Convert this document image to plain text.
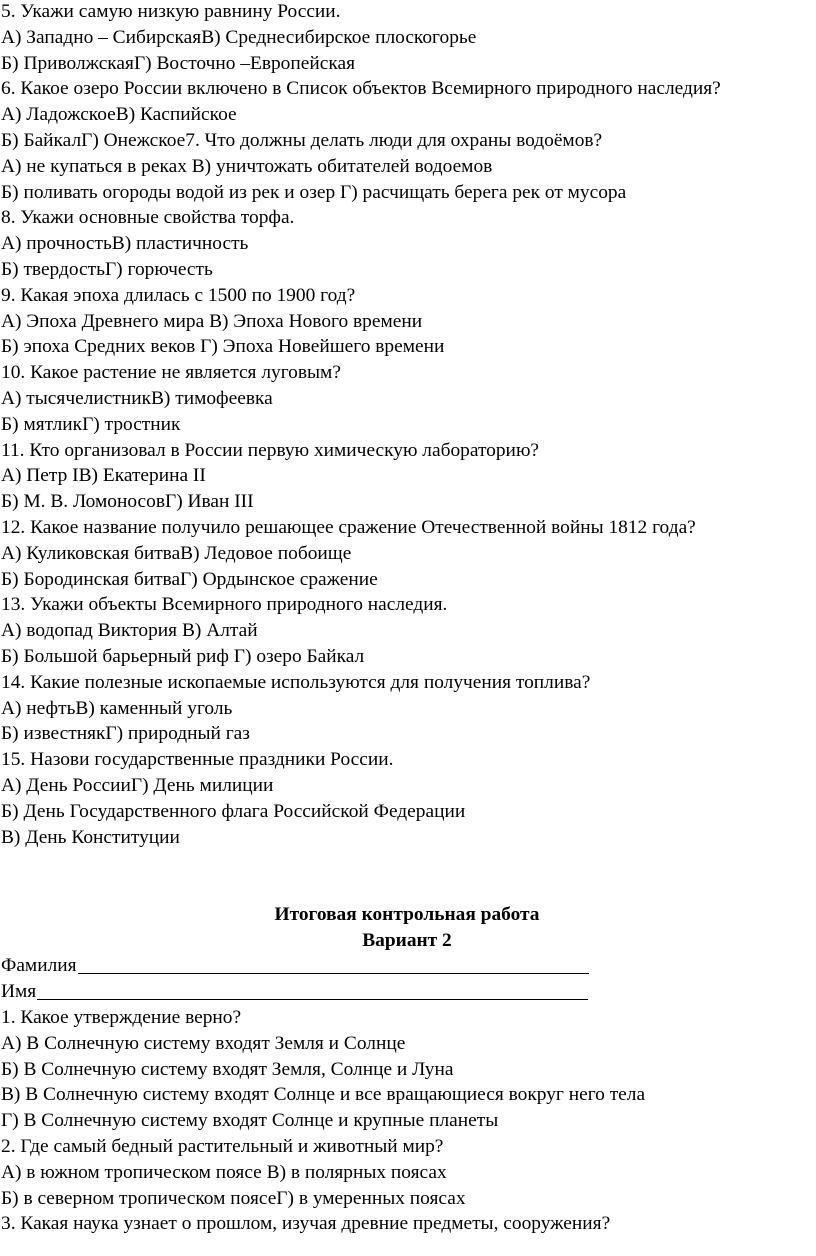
5. Укажи самую низкую равнину России.
А) Западно – СибирскаяВ) Среднесибирское плоскогорье
Б) ПриволжскаяГ) Восточно –Европейская
6. Какое озеро России включено в Список объектов Всемирного природного наследия?
А) ЛадожскоеВ) Каспийское
Б) БайкалГ) Онежское7. Что должны делать люди для охраны водоёмов?
А) не купаться в реках В) уничтожать обитателей водоемов
Б) поливать огороды водой из рек и озер Г) расчищать берега рек от мусора
8. Укажи основные свойства торфа.
А) прочностьВ) пластичность
Б) твердостьГ) горючесть
9. Какая эпоха длилась с 1500 по 1900 год?
А) Эпоха Древнего мира В) Эпоха Нового времени
Б) эпоха Средних веков Г) Эпоха Новейшего времени
10. Какое растение не является луговым?
А) тысячелистникВ) тимофеевка
Б) мятликГ) тростник
11. Кто организовал в России первую химическую лабораторию?
А) Петр IВ) Екатерина II
Б) М. В. ЛомоносовГ) Иван III
12. Какое название получило решающее сражение Отечественной войны 1812 года?
А) Куликовская битваВ) Ледовое побоище
Б) Бородинская битваГ) Ордынское сражение
13. Укажи объекты Всемирного природного наследия.
А) водопад Виктория В) Алтай
Б) Большой барьерный риф Г) озеро Байкал
14. Какие полезные ископаемые используются для получения топлива?
А) нефтьВ) каменный уголь
Б) известнякГ) природный газ
15. Назови государственные праздники России.
А) День РоссииГ) День милиции
Б) День Государственного флага Российской Федерации
В) День Конституции
Итоговая контрольная работа
Вариант 2
Фамилия
Имя
1. Какое утверждение верно?
А) В Солнечную систему входят Земля и Солнце
Б) В Солнечную систему входят Земля, Солнце и Луна
В) В Солнечную систему входят Солнце и все вращающиеся вокруг него тела
Г) В Солнечную систему входят Солнце и крупные планеты
2. Где самый бедный растительный и животный мир?
А) в южном тропическом поясе В) в полярных поясах
Б) в северном тропическом поясеГ) в умеренных поясах
3. Какая наука узнает о прошлом, изучая древние предметы, сооружения?
